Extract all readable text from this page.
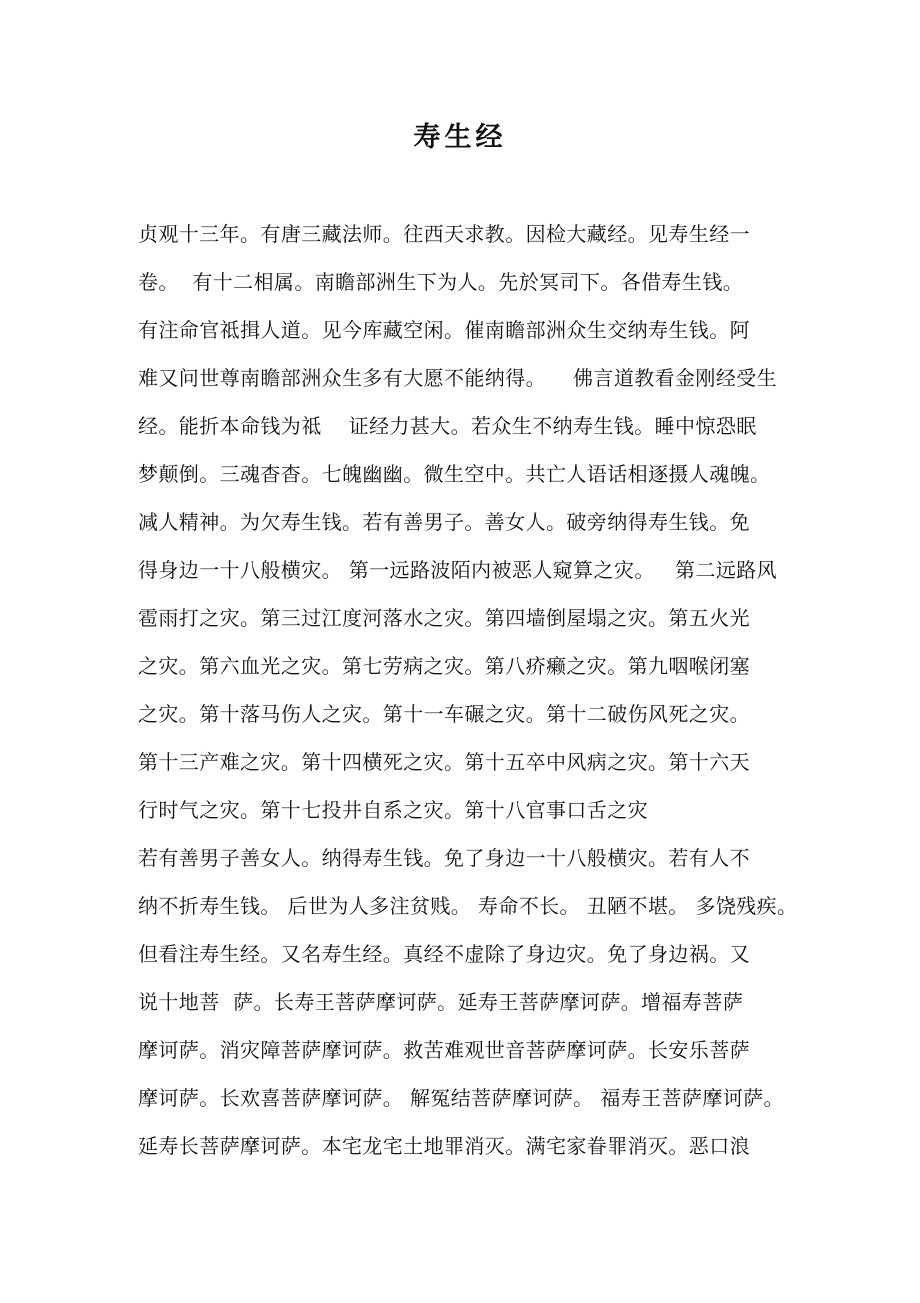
寿生经
贞观十三年。有唐三藏法师。往西天求教。因检大藏经。见寿生经一
卷。  有十二相属。南瞻部洲生下为人。先於冥司下。各借寿生钱。
有注命官祗揖人道。见今库藏空闲。催南瞻部洲众生交纳寿生钱。阿
难又问世尊南瞻部洲众生多有大愿不能纳得。    佛言道教看金刚经受生
经。能折本命钱为祗    证经力甚大。若众生不纳寿生钱。睡中惊恐眠
梦颠倒。三魂杳杳。七魄幽幽。微生空中。共亡人语话相逐摄人魂魄。
减人精神。为欠寿生钱。若有善男子。善女人。破旁纳得寿生钱。免
得身边一十八般横灾。 第一远路波陌内被恶人窥算之灾。   第二远路风
雹雨打之灾。第三过江度河落水之灾。第四墙倒屋塌之灾。第五火光
之灾。第六血光之灾。第七劳病之灾。第八疥癞之灾。第九咽喉闭塞
之灾。第十落马伤人之灾。第十一车碾之灾。第十二破伤风死之灾。
第十三产难之灾。第十四横死之灾。第十五卒中风病之灾。第十六天
行时气之灾。第十七投井自系之灾。第十八官事口舌之灾
若有善男子善女人。纳得寿生钱。免了身边一十八般横灾。若有人不
纳不折寿生钱。 后世为人多注贫贱。 寿命不长。 丑陋不堪。 多饶残疾。
但看注寿生经。又名寿生经。真经不虚除了身边灾。免了身边祸。又
说十地菩  萨。长寿王菩萨摩诃萨。延寿王菩萨摩诃萨。增福寿菩萨
摩诃萨。消灾障菩萨摩诃萨。救苦难观世音菩萨摩诃萨。长安乐菩萨
摩诃萨。长欢喜菩萨摩诃萨。 解冤结菩萨摩诃萨。 福寿王菩萨摩诃萨。
延寿长菩萨摩诃萨。本宅龙宅土地罪消灭。满宅家眷罪消灭。恶口浪
